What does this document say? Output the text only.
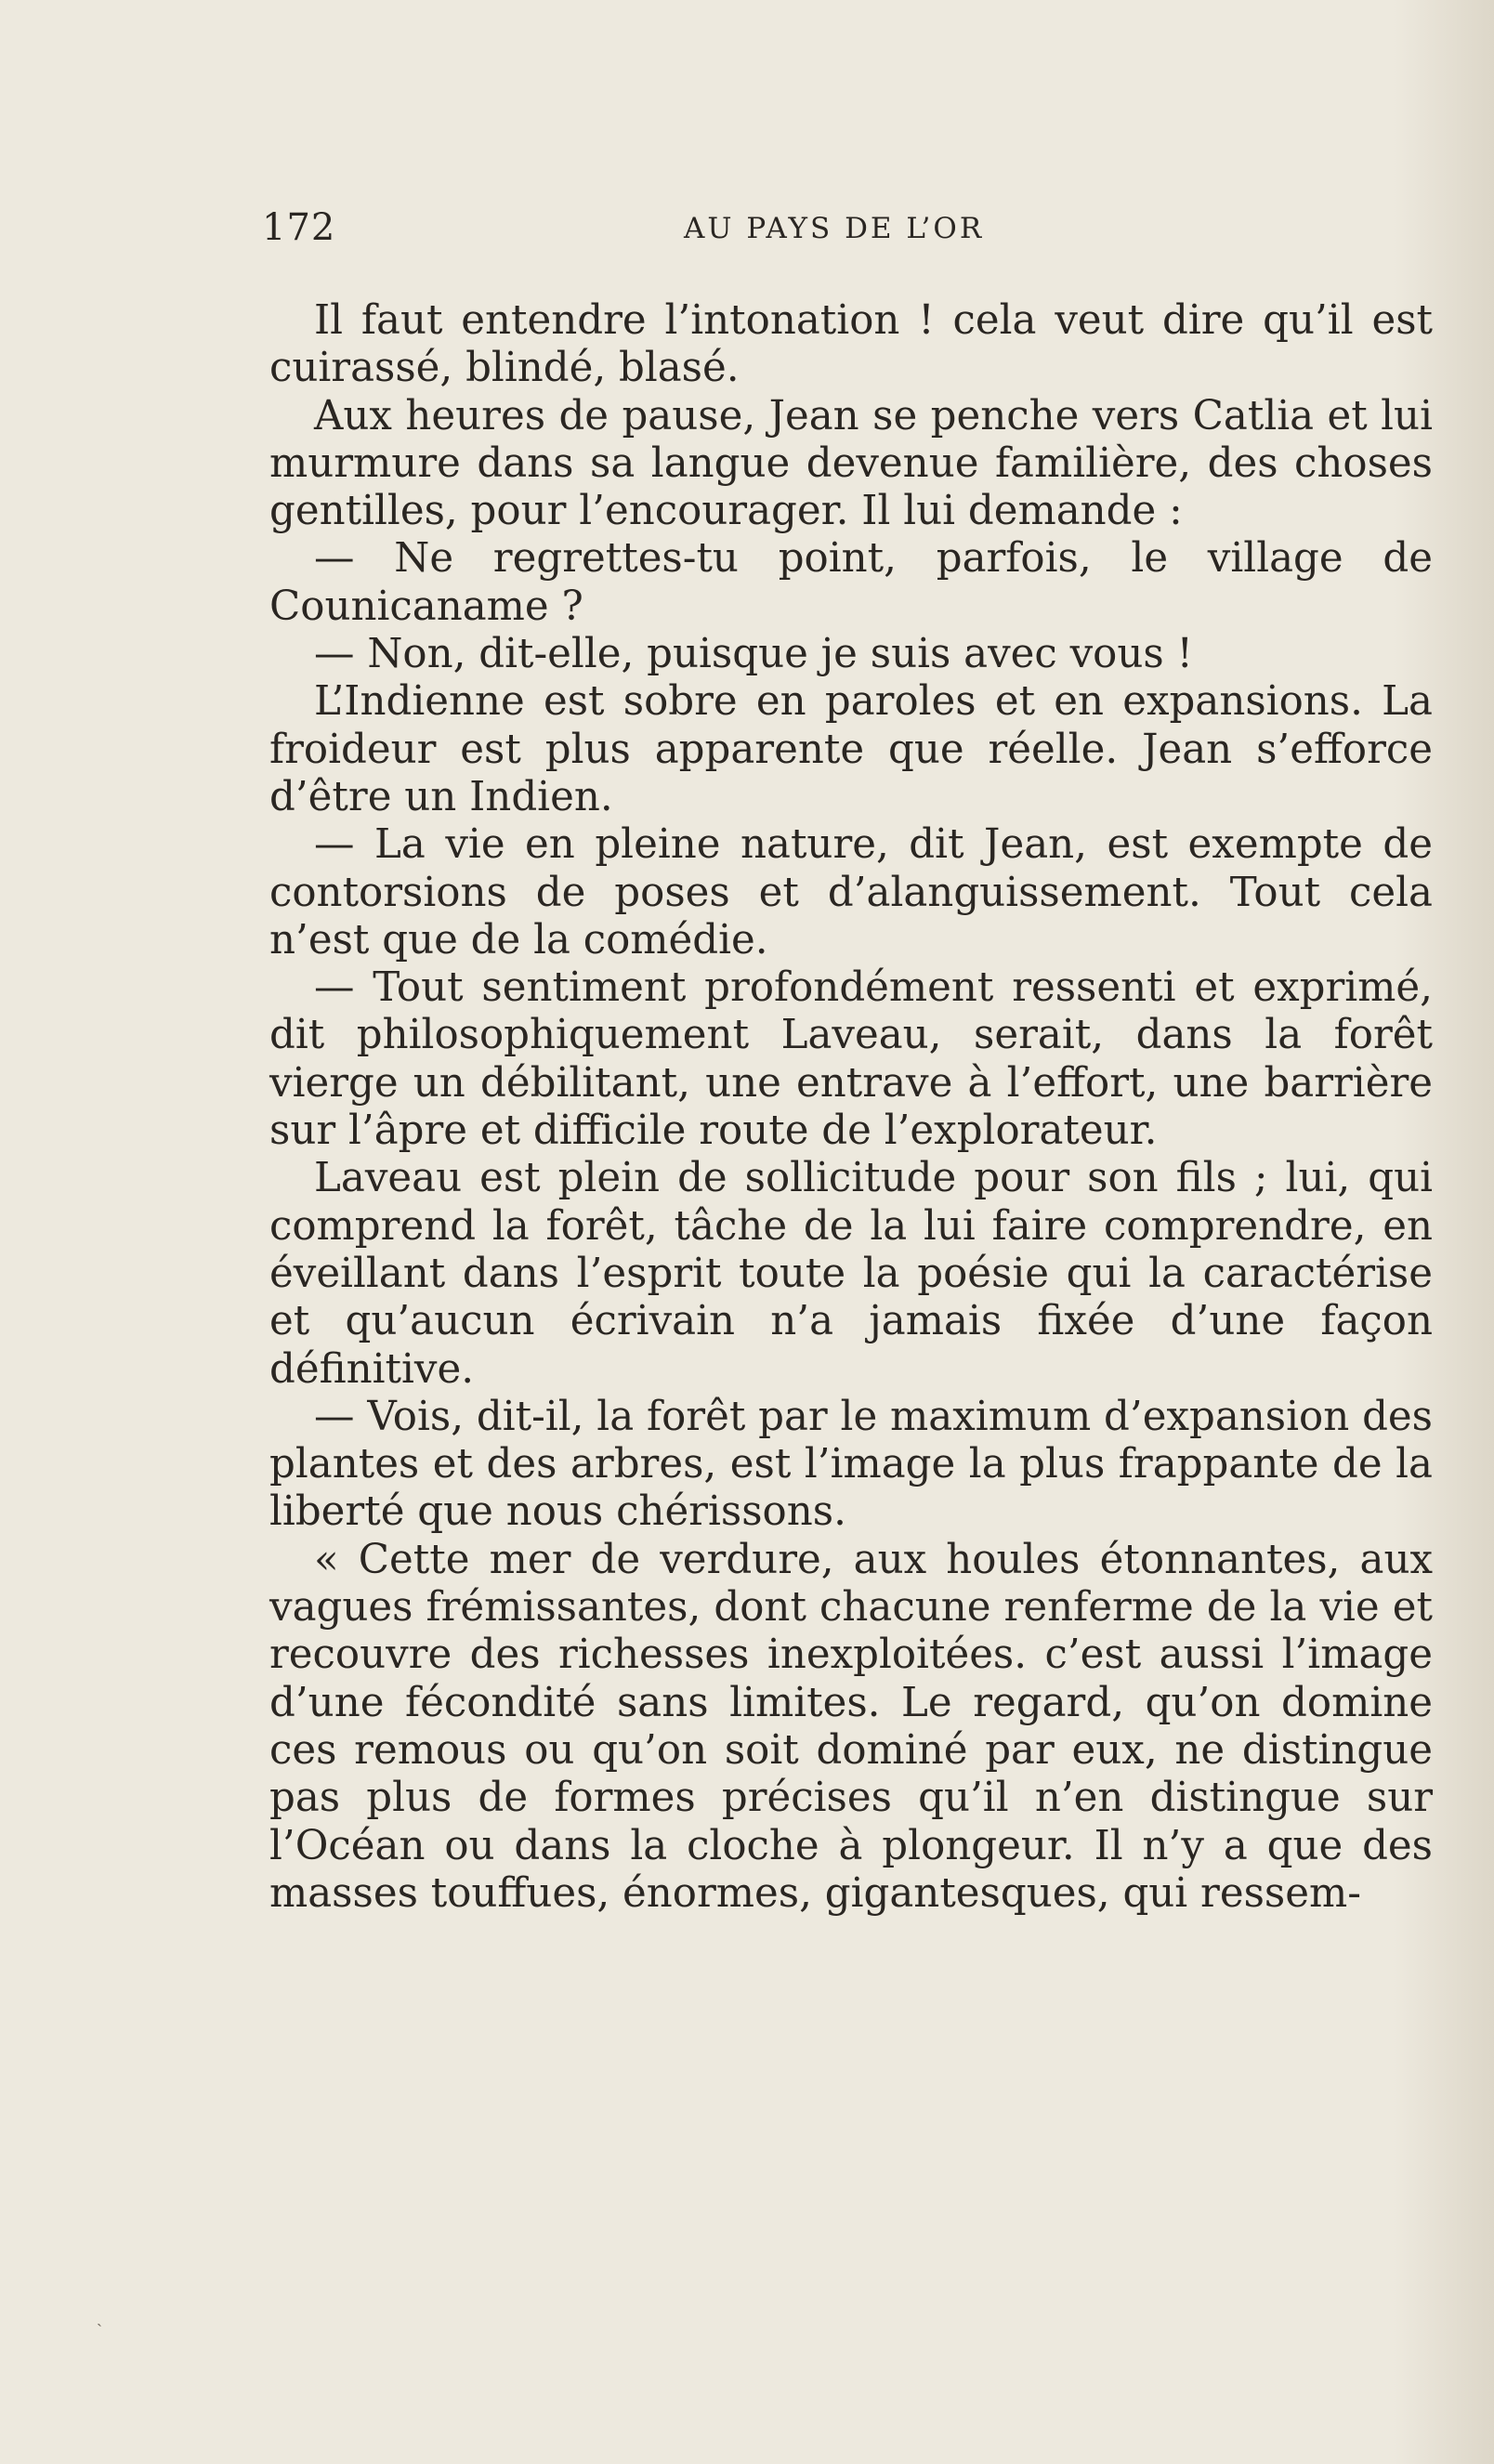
172	AU PAYS DE L’OR

Il faut entendre l’intonation ! cela veut dire qu’il est cuirassé, blindé, blasé.

Aux heures de pause, Jean se penche vers Catlia et lui murmure dans sa langue devenue familière, des choses gentilles, pour l’encourager. Il lui demande :

— Ne regrettes-tu point, parfois, le village de Counicaname ?

— Non, dit-elle, puisque je suis avec vous !

L’Indienne est sobre en paroles et en expansions. La froideur est plus apparente que réelle. Jean s’efforce d’être un Indien.

— La vie en pleine nature, dit Jean, est exempte de contorsions de poses et d’alanguissement. Tout cela n’est que de la comédie.

— Tout sentiment profondément ressenti et exprimé, dit philosophiquement Laveau, serait, dans la forêt vierge un débilitant, une entrave à l’effort, une barrière sur l’âpre et difficile route de l’explorateur.

Laveau est plein de sollicitude pour son fils ; lui, qui comprend la forêt, tâche de la lui faire comprendre, en éveillant dans l’esprit toute la poésie qui la caractérise et qu’aucun écrivain n’a jamais fixée d’une façon définitive.

— Vois, dit-il, la forêt par le maximum d’expansion des plantes et des arbres, est l’image la plus frappante de la liberté que nous chérissons.

« Cette mer de verdure, aux houles étonnantes, aux vagues frémissantes, dont chacune renferme de la vie et recouvre des richesses inexploitées. c’est aussi l’image d’une fécondité sans limites. Le regard, qu’on domine ces remous ou qu’on soit dominé par eux, ne distingue pas plus de formes précises qu’il n’en distingue sur l’Océan ou dans la cloche à plongeur. Il n’y a que des masses touffues, énormes, gigantesques, qui ressem-

ˎ
